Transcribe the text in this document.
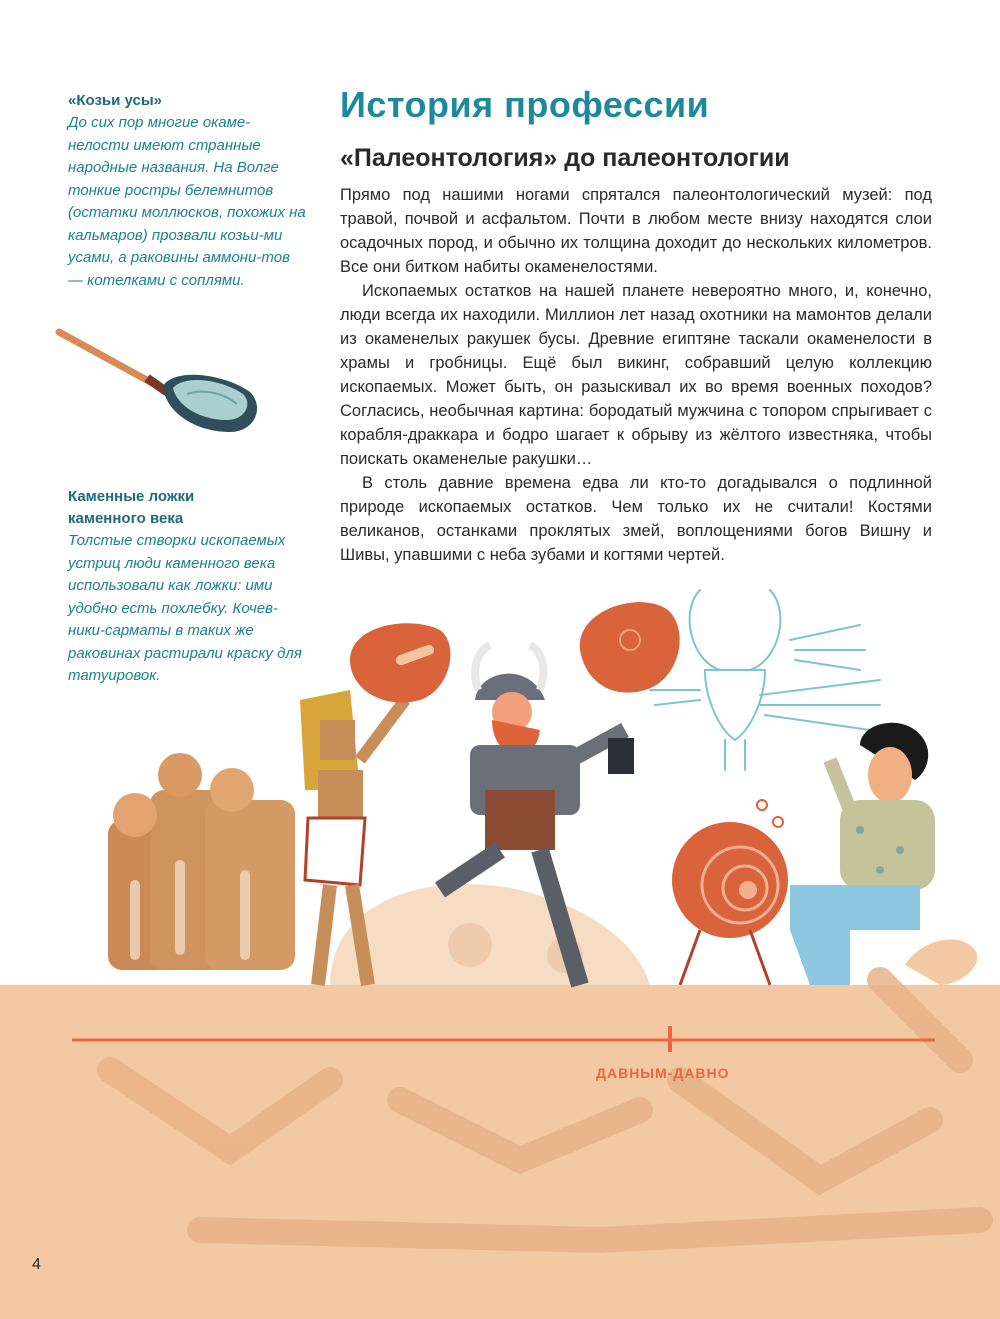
«Козьи усы»

До сих пор многие окаме-нелости имеют странные народные названия. На Волге тонкие ростры белемнитов (остатки моллюсков, похожих на кальмаров) прозвали козьи-ми усами, а раковины аммони-тов — котелками с соплями.

Каменные ложки

каменного века

Толстые створки ископаемых устриц люди каменного века использовали как ложки: ими удобно есть похлебку. Кочев-ники-сарматы в таких же раковинах растирали краску для татуировок.

История профессии
«Палеонтология» до палеонтологии

Прямо под нашими ногами спрятался палеонтологический музей: под травой, почвой и асфальтом. Почти в любом месте внизу находятся слои осадочных пород, и обычно их толщина доходит до нескольких километров. Все они битком набиты окаменелостями.

Ископаемых остатков на нашей планете невероятно много, и, конечно, люди всегда их находили. Миллион лет назад охотники на мамонтов делали из окаменелых ракушек бусы. Древние египтяне таскали окаменелости в храмы и гробницы. Ещё был викинг, собравший целую коллекцию ископаемых. Может быть, он разыскивал их во время военных походов? Согласись, необычная картина: бородатый мужчина с топором спрыгивает с корабля-драккара и бодро шагает к обрыву из жёлтого известняка, чтобы поискать окаменелые ракушки…

В столь давние времена едва ли кто-то догадывался о подлинной природе ископаемых остатков. Чем только их не считали! Костями великанов, останками проклятых змей, воплощениями богов Вишну и Шивы, упавшими с неба зубами и когтями чертей.

ДАВНЫМ-ДАВНО
4
